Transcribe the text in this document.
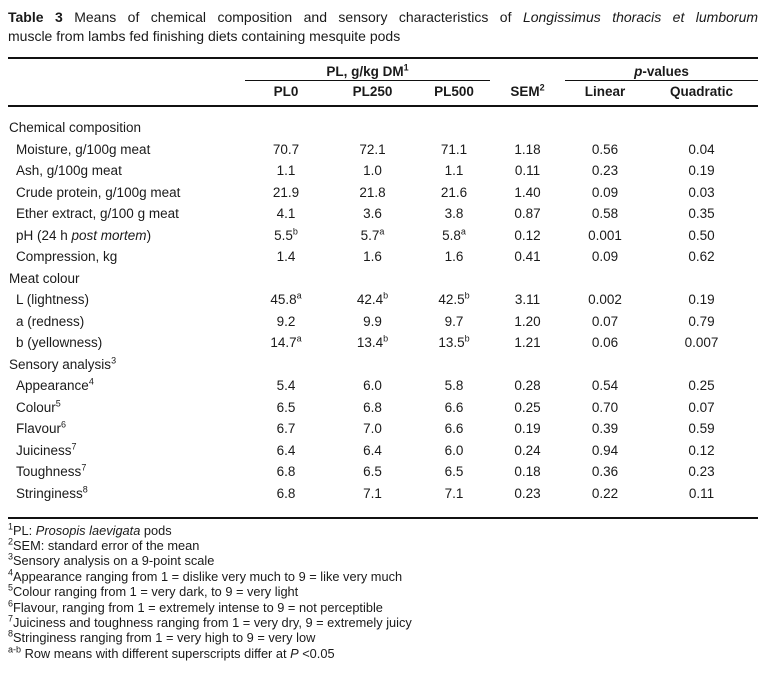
Table 3 Means of chemical composition and sensory characteristics of Longissimus thoracis et lumborum
muscle from lambs fed finishing diets containing mesquite pods

	PL, g/kg $DM^1$				p-values	
	PL0	PL250	PL500	SEM$^2$	Linear	Quadratic
Chemical composition						
Moisture, g/100g meat	70.7	72.1	71.1	1.18	0.56	0.04
Ash, g/100g meat	1.1	1.0	1.1	0.11	0.23	0.19
Crude protein, g/100g meat	21.9	21.8	21.6	1.40	0.09	0.03
Ether extract, g/100 g meat	4.1	3.6	3.8	0.87	0.58	0.35
pH (24 h post mortem)	5.5$^b$	5.7$^a$	5.8$^a$	0.12	0.001	0.50
Compression, kg	1.4	1.6	1.6	0.41	0.09	0.62
Meat colour						
L (lightness)	45.8$^a$	42.4$^b$	42.5$^b$	3.11	0.002	0.19
a (redness)	9.2	9.9	9.7	1.20	0.07	0.79
b (yellowness)	14.7$^a$	13.4$^b$	13.5$^b$	1.21	0.06	0.007
Sensory analysis$^3$
Appearance$^4$	5.4	6.0	5.8	0.28	0.54	0.25
Colour$^5$	6.5	6.8	6.6	0.25	0.70	0.07
Flavour$^6$	6.7	7.0	6.6	0.19	0.39	0.59
Juiciness$^7$	6.4	6.4	6.0	0.24	0.94	0.12
Toughness$^7$	6.8	6.5	6.5	0.18	0.36	0.23
Stringiness$^8$	6.8	7.1	7.1	0.23	0.22	0.11
$^1$PL: Prosopis laevigata pods
$^2$SEM: standard error of the mean
$^3$Sensory analysis on a 9-point scale
$^4$Appearance ranging from 1 = dislike very much to 9 = like very much
$^5$Colour ranging from 1 = very dark, to 9 = very light
$^6$Flavour, ranging from 1 = extremely intense to 9 = not perceptible
$^7$Juiciness and toughness ranging from 1 = very dry, 9 = extremely juicy
$^8$Stringiness ranging from 1 = very high to 9 = very low
$^{a-b}$ Row means with different superscripts differ at P <0.05
